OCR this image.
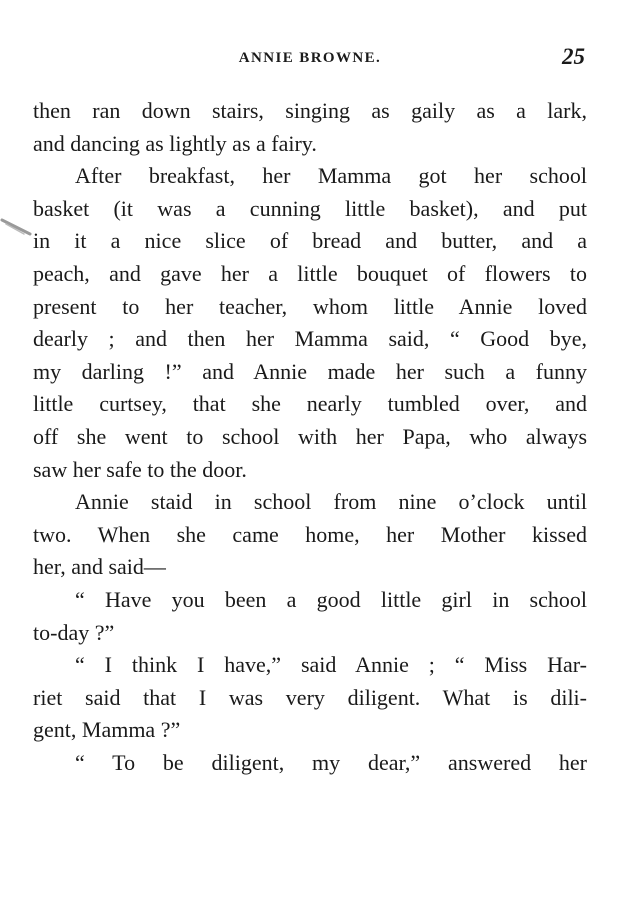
ANNIE BROWNE.	25

then ran down stairs, singing as gaily as a lark,
and dancing as lightly as a fairy.

After breakfast, her Mamma got her school
basket (it was a cunning little basket), and put
in it a nice slice of bread and butter, and a
peach, and gave her a little bouquet of flowers to
present to her teacher, whom little Annie loved
dearly ; and then her Mamma said, “ Good bye,
my darling !” and Annie made her such a funny
little curtsey, that she nearly tumbled over, and
off she went to school with her Papa, who always
saw her safe to the door.

Annie staid in school from nine o’clock until
two. When she came home, her Mother kissed
her, and said—

“ Have you been a good little girl in school
to-day ?”

“ I think I have,” said Annie ; “ Miss Har-
riet said that I was very diligent. What is dili-
gent, Mamma ?”

“ To be diligent, my dear,” answered her
